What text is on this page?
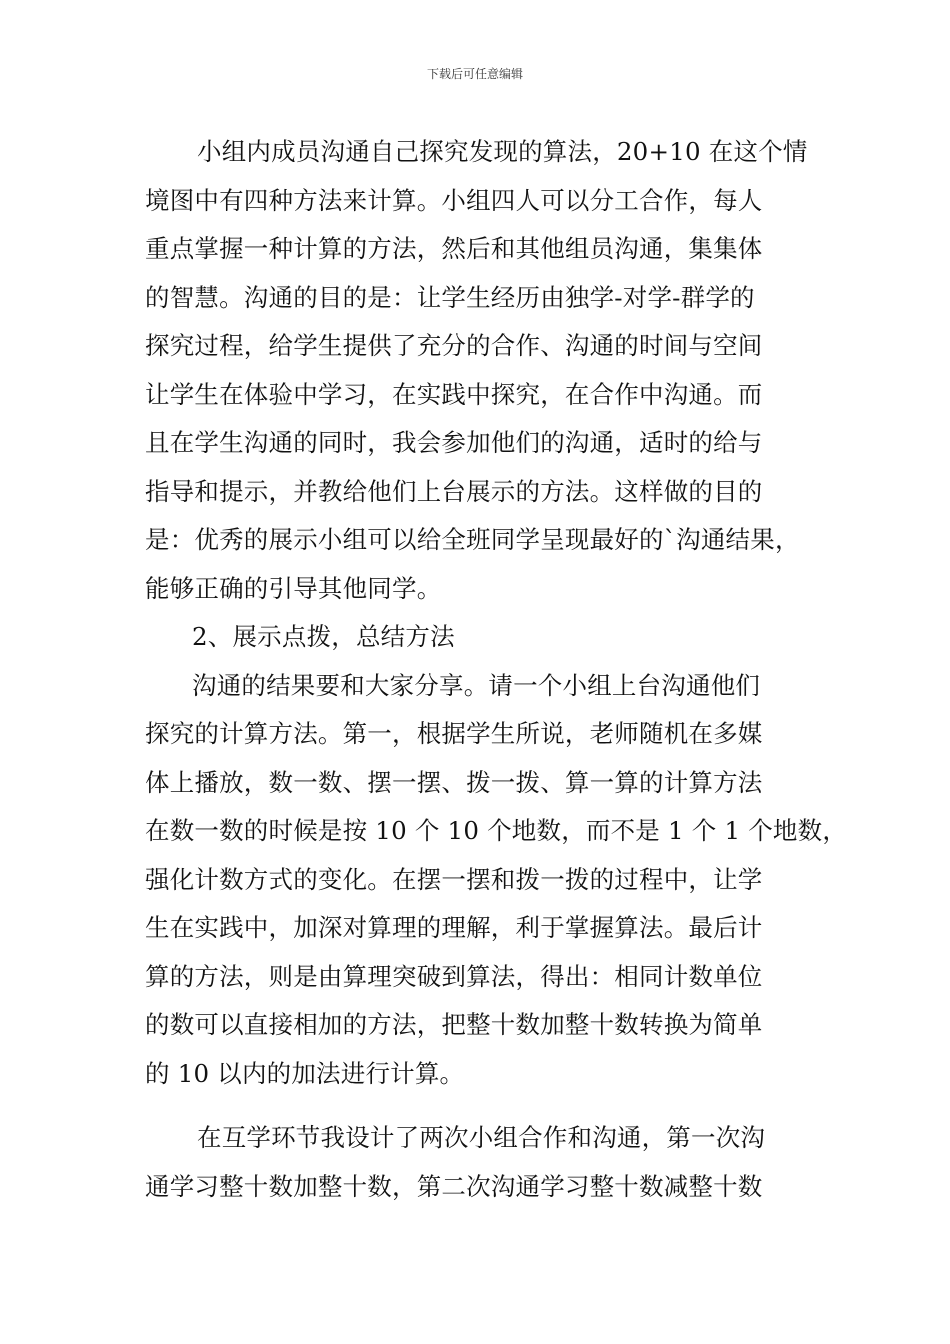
下载后可任意编辑
小组内成员沟通自己探究发现的算法，20+10 在这个情
境图中有四种方法来计算。小组四人可以分工合作，每人
重点掌握一种计算的方法，然后和其他组员沟通，集集体
的智慧。沟通的目的是：让学生经历由独学-对学-群学的
探究过程，给学生提供了充分的合作、沟通的时间与空间
让学生在体验中学习，在实践中探究，在合作中沟通。而
且在学生沟通的同时，我会参加他们的沟通，适时的给与
指导和提示，并教给他们上台展示的方法。这样做的目的
是：优秀的展示小组可以给全班同学呈现最好的`沟通结果，
能够正确的引导其他同学。
2、展示点拨，总结方法
沟通的结果要和大家分享。请一个小组上台沟通他们
探究的计算方法。第一，根据学生所说，老师随机在多媒
体上播放，数一数、摆一摆、拨一拨、算一算的计算方法
在数一数的时候是按 10 个 10 个地数，而不是 1 个 1 个地数，
强化计数方式的变化。在摆一摆和拨一拨的过程中，让学
生在实践中，加深对算理的理解，利于掌握算法。最后计
算的方法，则是由算理突破到算法，得出：相同计数单位
的数可以直接相加的方法，把整十数加整十数转换为简单
的 10 以内的加法进行计算。
在互学环节我设计了两次小组合作和沟通，第一次沟
通学习整十数加整十数，第二次沟通学习整十数减整十数
